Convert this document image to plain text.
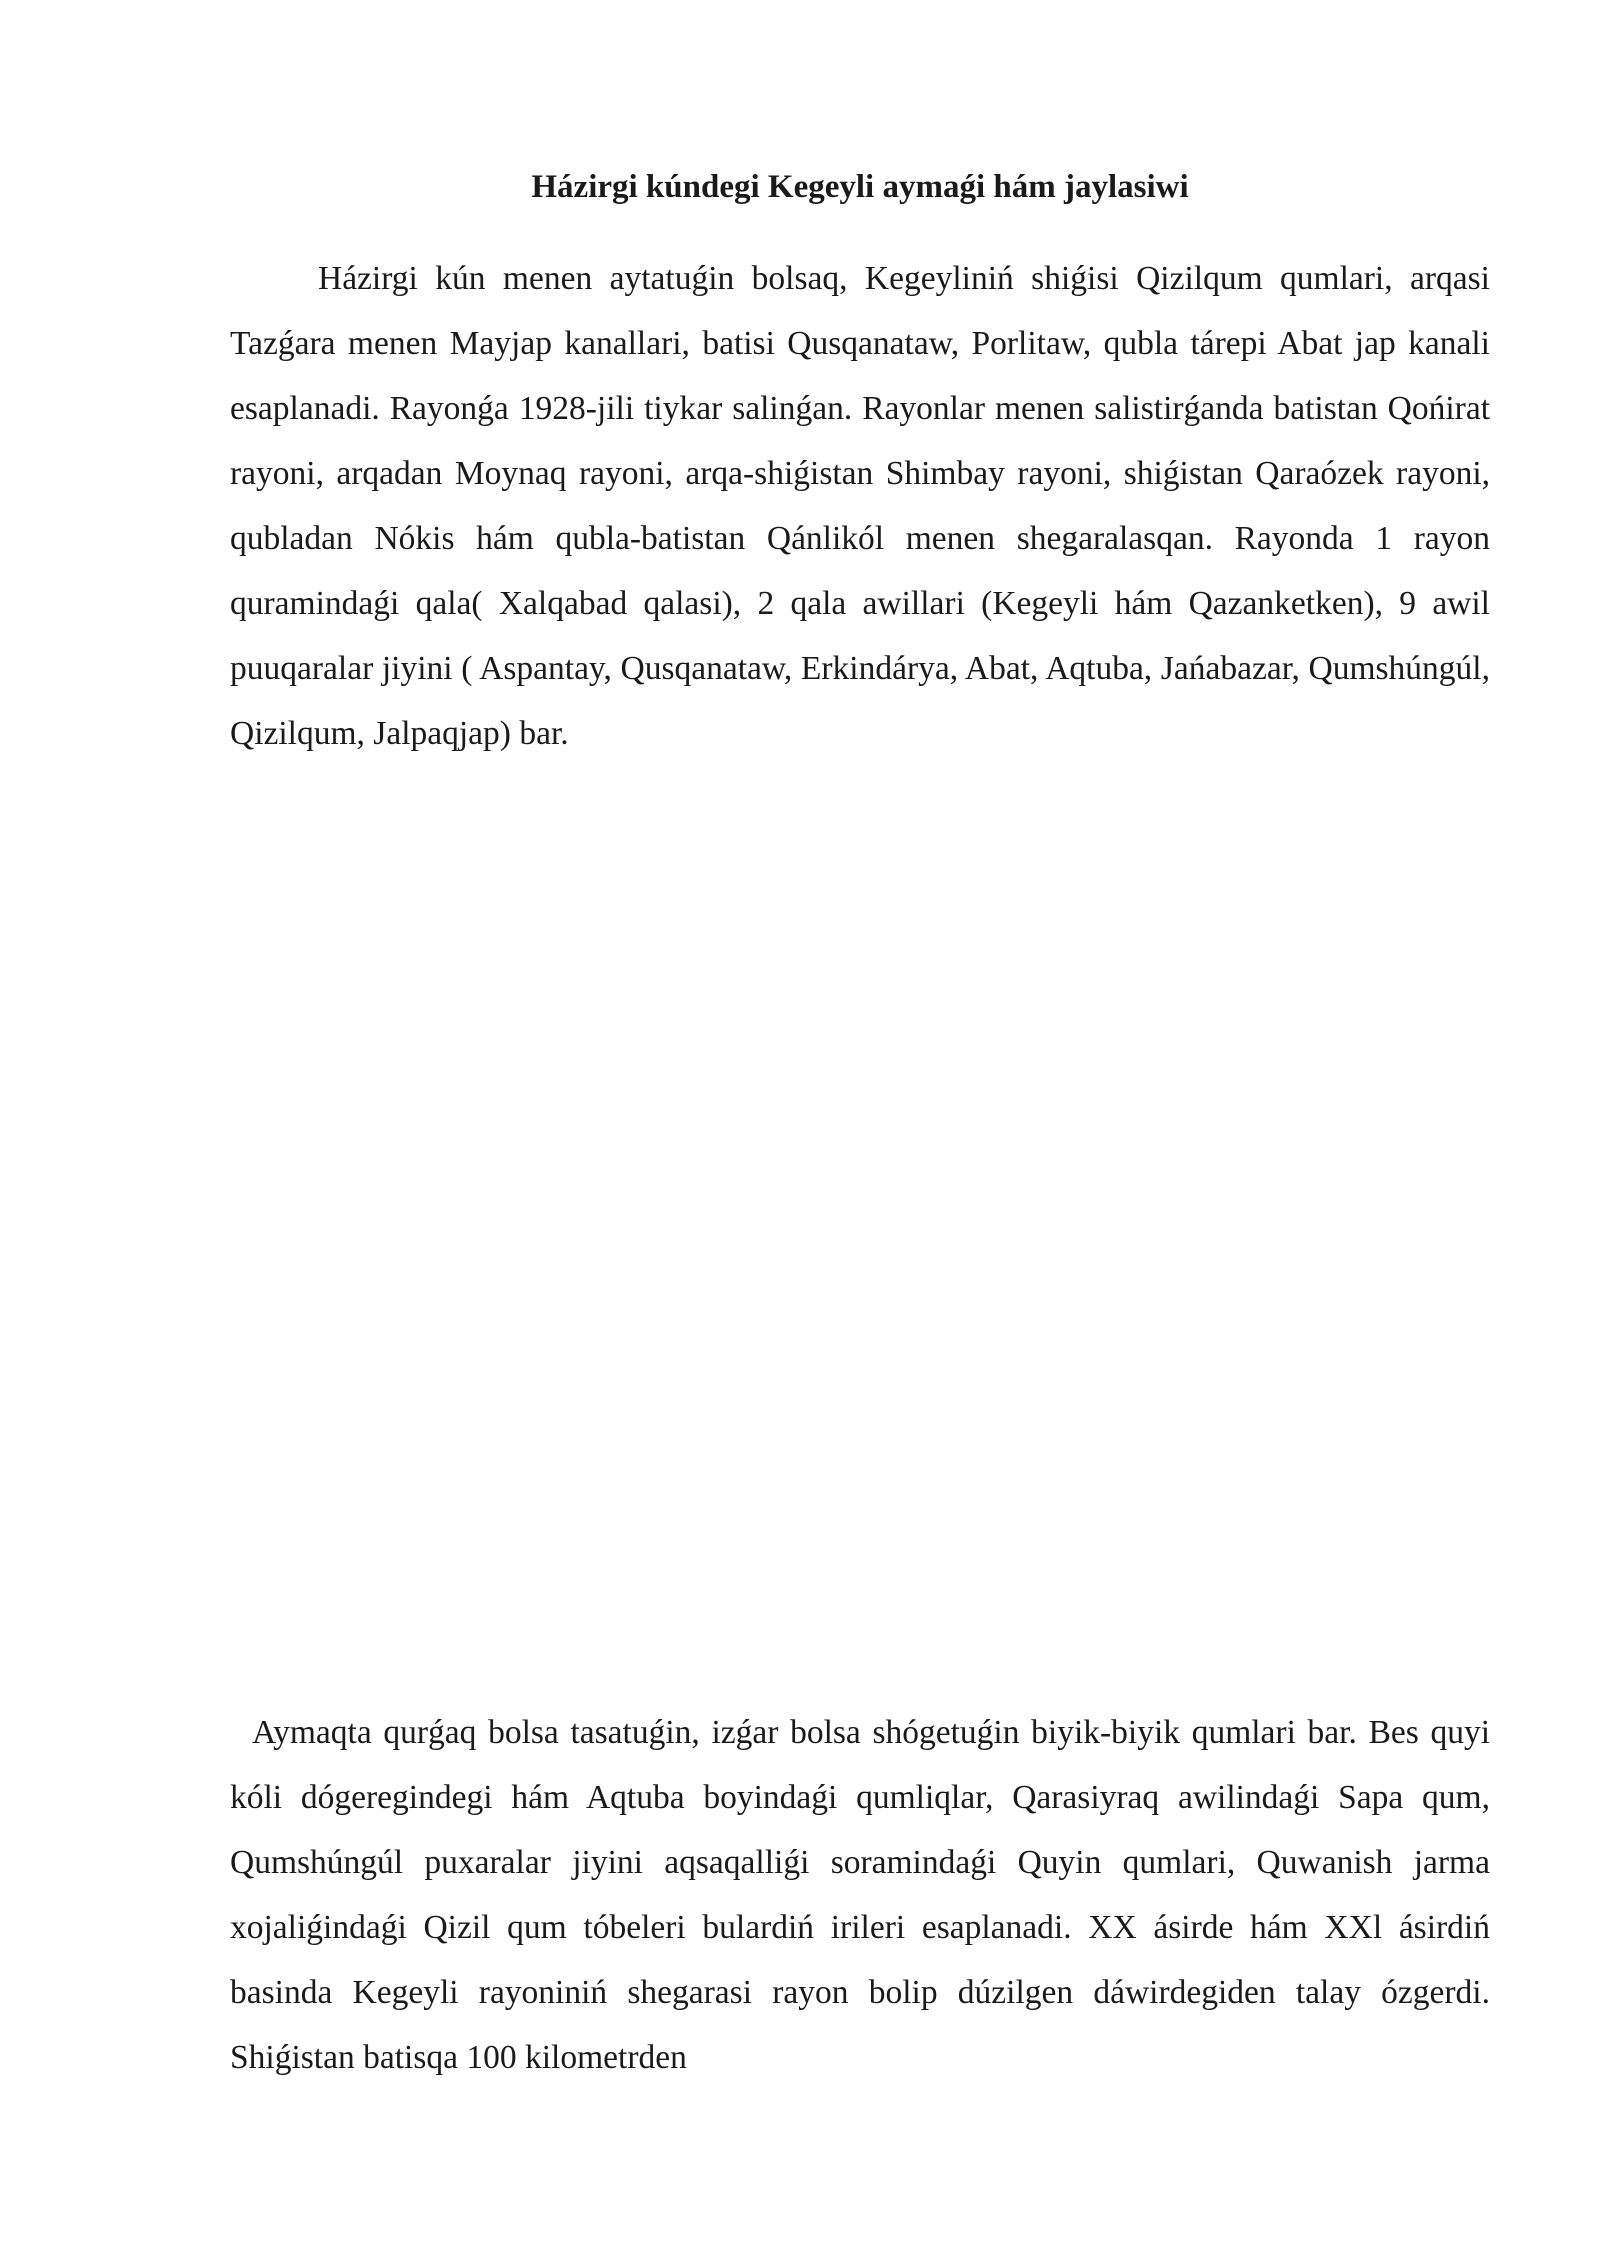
Házirgi kúndegi Kegeyli aymaǵi hám jaylasiwi

Házirgi kún menen aytatuǵin bolsaq, Kegeyliniń shiǵisi Qizilqum qumlari, arqasi Tazǵara menen Mayjap kanallari, batisi Qusqanataw, Porlitaw, qubla tárepi Abat jap kanali esaplanadi. Rayonǵa 1928-jili tiykar salinǵan. Rayonlar menen salistirǵanda batistan Qońirat rayoni, arqadan Moynaq rayoni, arqa-shiǵistan Shimbay rayoni, shiǵistan Qaraózek rayoni, qubladan Nókis hám qubla-batistan Qánlikól menen shegaralasqan. Rayonda 1 rayon quramindaǵi qala( Xalqabad qalasi), 2 qala awillari (Kegeyli hám Qazanketken), 9 awil puuqaralar jiyini ( Aspantay, Qusqanataw, Erkindárya, Abat, Aqtuba, Jańabazar, Qumshúngúl, Qizilqum, Jalpaqjap) bar.

Aymaqta qurǵaq bolsa tasatuǵin, izǵar bolsa shógetuǵin biyik-biyik qumlari bar. Bes quyi kóli dógeregindegi hám Aqtuba boyindaǵi qumliqlar, Qarasiyraq awilindaǵi Sapa qum, Qumshúngúl puxaralar jiyini aqsaqalliǵi soramindaǵi Quyin qumlari, Quwanish jarma xojaliǵindaǵi Qizil qum tóbeleri bulardiń irileri esaplanadi. XX ásirde hám XXl ásirdiń basinda Kegeyli rayoniniń shegarasi rayon bolip dúzilgen dáwirdegiden talay ózgerdi. Shiǵistan batisqa 100 kilometrden
